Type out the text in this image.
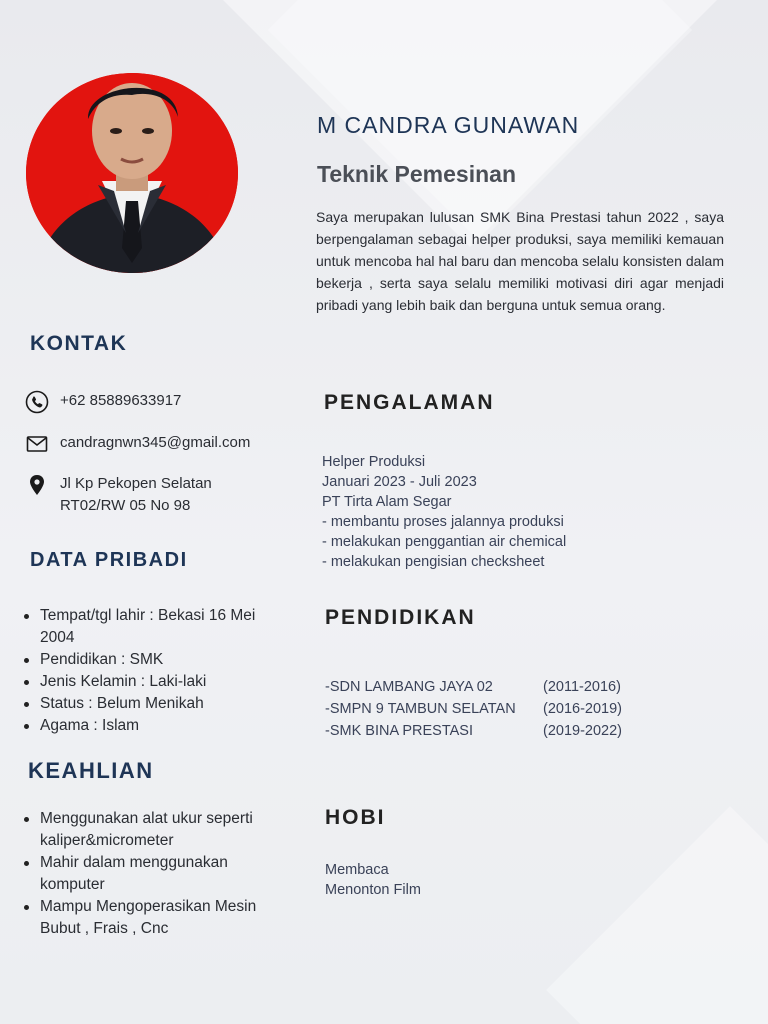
M CANDRA GUNAWAN
Teknik Pemesinan
Saya merupakan lulusan SMK Bina Prestasi tahun 2022 , saya berpengalaman sebagai helper produksi, saya memiliki kemauan untuk mencoba hal hal baru dan mencoba selalu konsisten dalam bekerja , serta saya selalu memiliki motivasi diri agar menjadi pribadi yang lebih baik dan berguna untuk semua orang.
KONTAK
+62 85889633917
candragnwn345@gmail.com
Jl Kp Pekopen Selatan
RT02/RW 05 No 98
DATA PRIBADI
Tempat/tgl lahir : Bekasi 16 Mei 2004
Pendidikan : SMK
Jenis Kelamin : Laki-laki
Status : Belum Menikah
Agama : Islam
KEAHLIAN
Menggunakan alat ukur seperti kaliper&micrometer
Mahir dalam menggunakan komputer
Mampu Mengoperasikan Mesin Bubut , Frais , Cnc
PENGALAMAN
Helper Produksi
Januari 2023 - Juli 2023
PT Tirta Alam Segar
- membantu proses jalannya produksi
- melakukan penggantian air chemical
- melakukan pengisian checksheet
PENDIDIKAN
-SDN LAMBANG JAYA 02	(2011-2016)
-SMPN 9 TAMBUN SELATAN	(2016-2019)
-SMK BINA PRESTASI	(2019-2022)
HOBI
Membaca
Menonton Film
